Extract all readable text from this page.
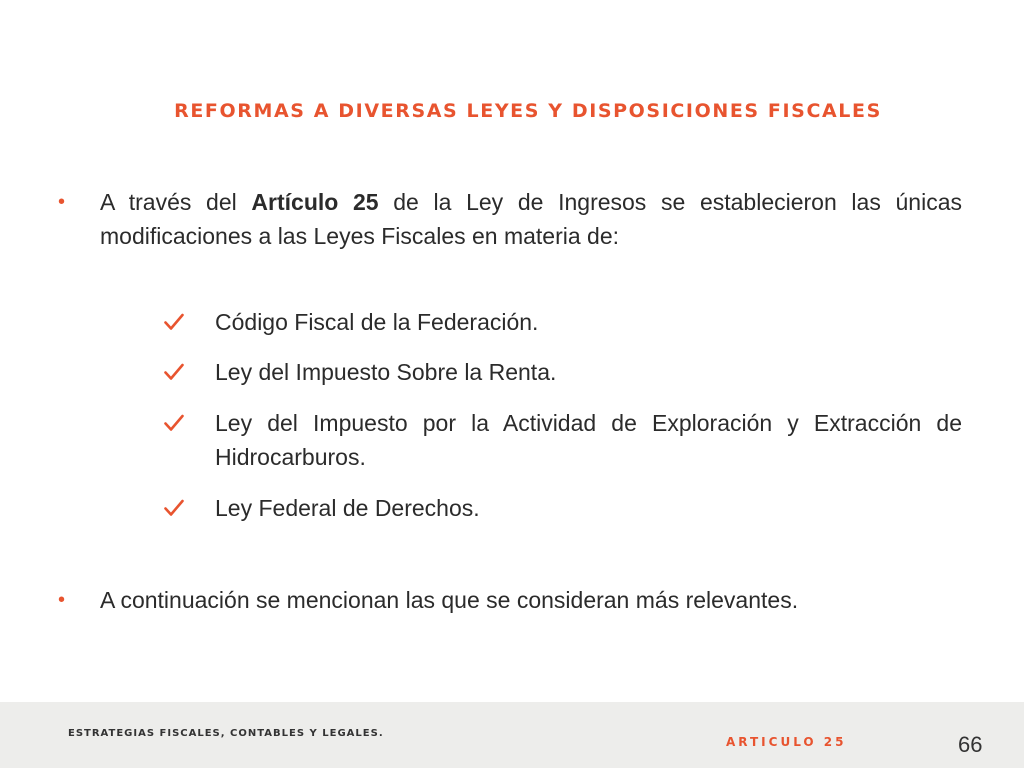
REFORMAS A DIVERSAS LEYES Y DISPOSICIONES FISCALES
• A través del Artículo 25 de la Ley de Ingresos se establecieron las únicas modificaciones a las Leyes Fiscales en materia de:
Código Fiscal de la Federación.
Ley del Impuesto Sobre la Renta.
Ley del Impuesto por la Actividad de Exploración y Extracción de Hidrocarburos.
Ley Federal de Derechos.
• A continuación se mencionan las que se consideran más relevantes.
ESTRATEGIAS FISCALES, CONTABLES Y LEGALES.
ARTICULO 25	66
